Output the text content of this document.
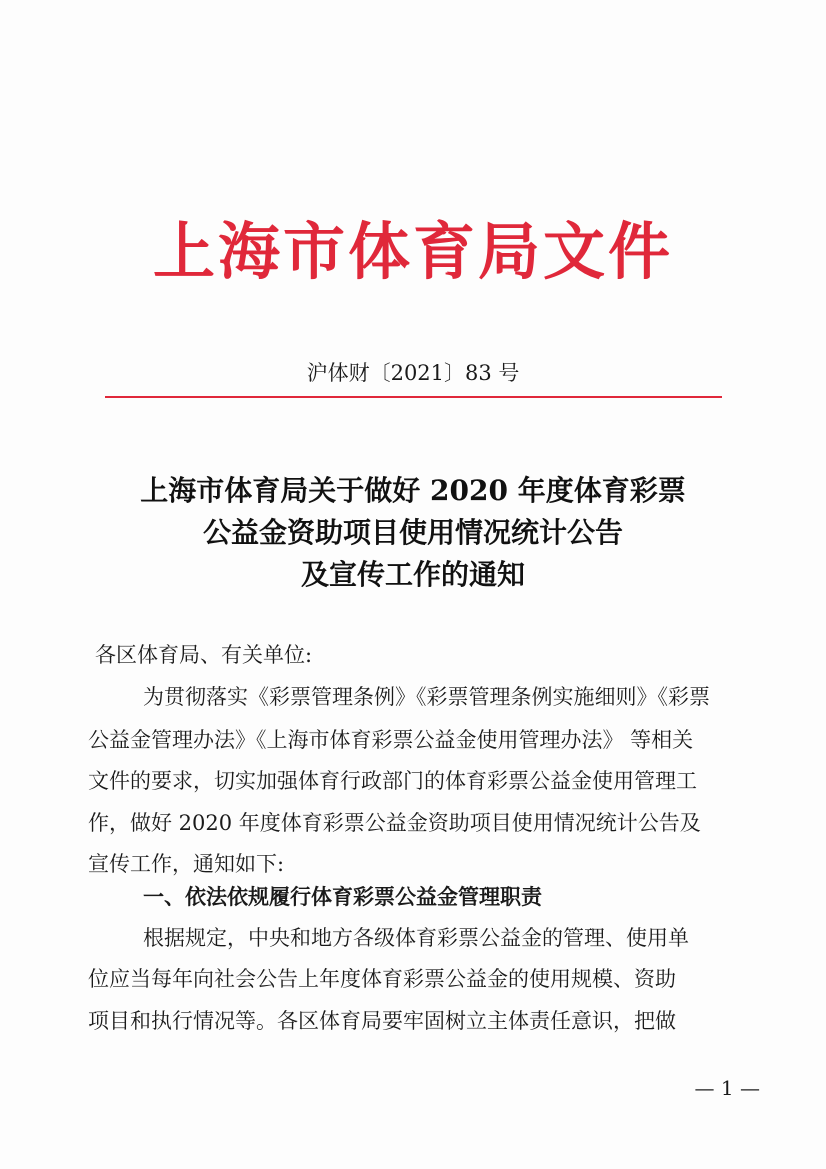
上海市体育局文件
沪体财〔2021〕83 号
上海市体育局关于做好 2020 年度体育彩票
公益金资助项目使用情况统计公告
及宣传工作的通知
各区体育局、有关单位:
为贯彻落实《彩票管理条例》《彩票管理条例实施细则》《彩票
公益金管理办法》《上海市体育彩票公益金使用管理办法》 等相关
文件的要求，切实加强体育行政部门的体育彩票公益金使用管理工
作，做好 2020 年度体育彩票公益金资助项目使用情况统计公告及
宣传工作，通知如下:
一、依法依规履行体育彩票公益金管理职责
根据规定，中央和地方各级体育彩票公益金的管理、使用单
位应当每年向社会公告上年度体育彩票公益金的使用规模、资助
项目和执行情况等。各区体育局要牢固树立主体责任意识，把做
— 1 —
